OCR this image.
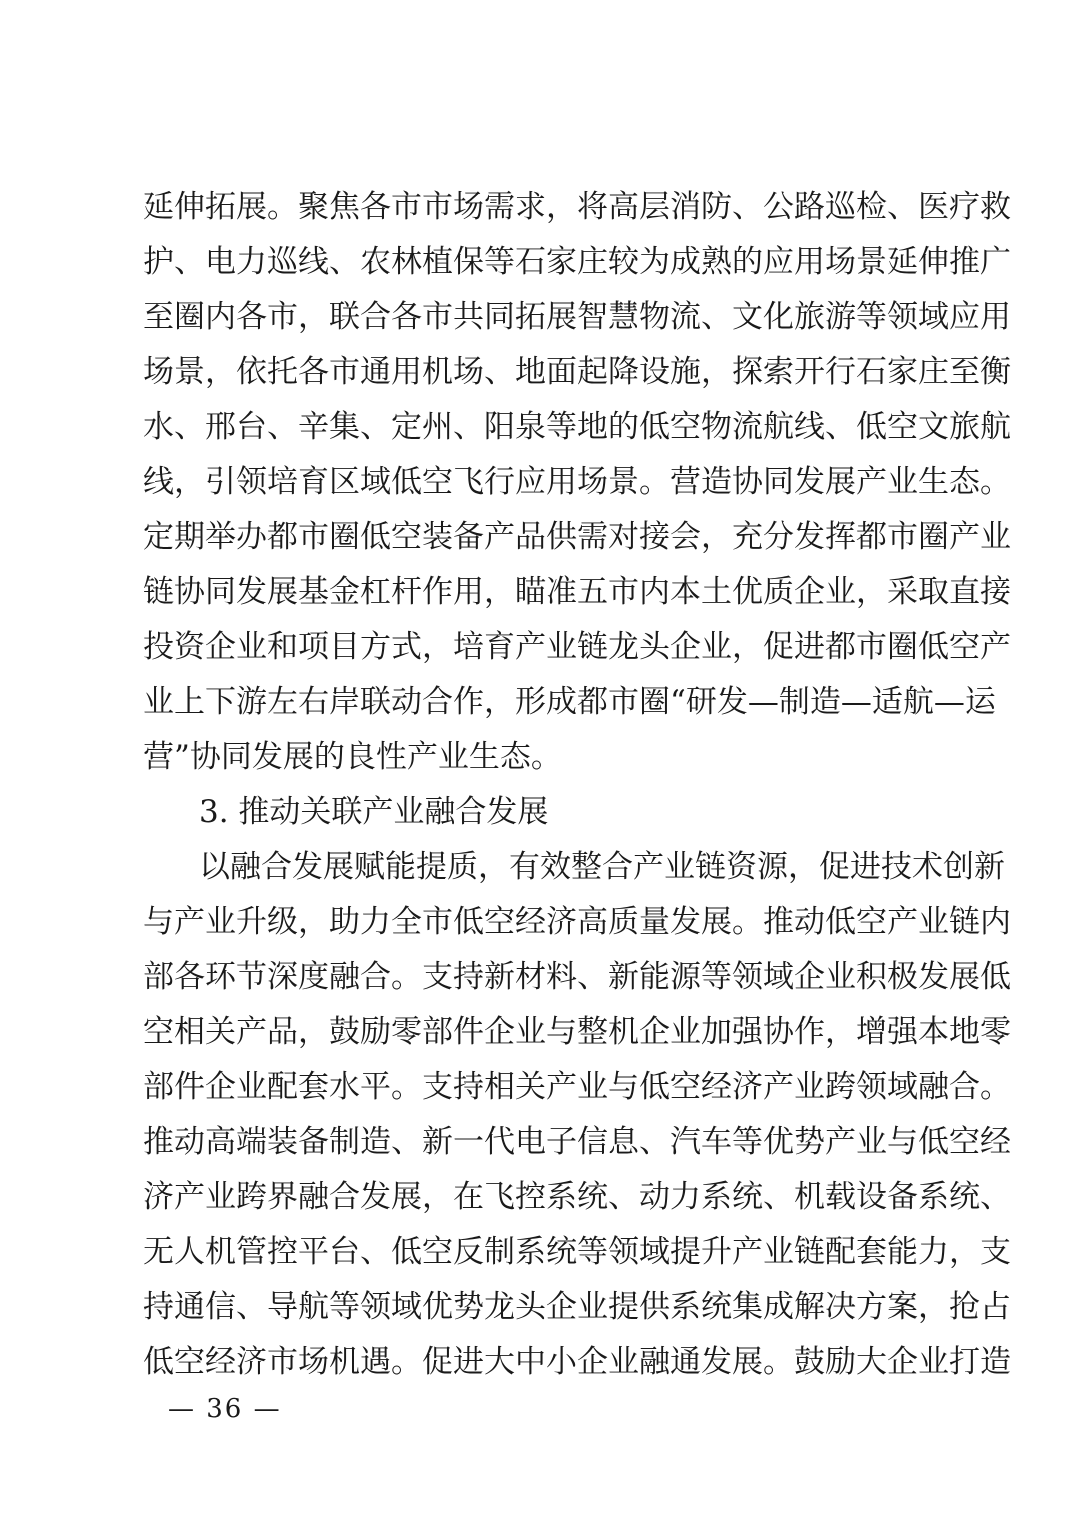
延伸拓展。聚焦各市市场需求，将高层消防、公路巡检、医疗救
护、电力巡线、农林植保等石家庄较为成熟的应用场景延伸推广
至圈内各市，联合各市共同拓展智慧物流、文化旅游等领域应用
场景，依托各市通用机场、地面起降设施，探索开行石家庄至衡
水、邢台、辛集、定州、阳泉等地的低空物流航线、低空文旅航
线，引领培育区域低空飞行应用场景。营造协同发展产业生态。
定期举办都市圈低空装备产品供需对接会，充分发挥都市圈产业
链协同发展基金杠杆作用，瞄准五市内本土优质企业，采取直接
投资企业和项目方式，培育产业链龙头企业，促进都市圈低空产
业上下游左右岸联动合作，形成都市圈“研发—制造—适航—运
营”协同发展的良性产业生态。
3. 推动关联产业融合发展
以融合发展赋能提质，有效整合产业链资源，促进技术创新
与产业升级，助力全市低空经济高质量发展。推动低空产业链内
部各环节深度融合。支持新材料、新能源等领域企业积极发展低
空相关产品，鼓励零部件企业与整机企业加强协作，增强本地零
部件企业配套水平。支持相关产业与低空经济产业跨领域融合。
推动高端装备制造、新一代电子信息、汽车等优势产业与低空经
济产业跨界融合发展，在飞控系统、动力系统、机载设备系统、
无人机管控平台、低空反制系统等领域提升产业链配套能力，支
持通信、导航等领域优势龙头企业提供系统集成解决方案，抢占
低空经济市场机遇。促进大中小企业融通发展。鼓励大企业打造
— 36 —
